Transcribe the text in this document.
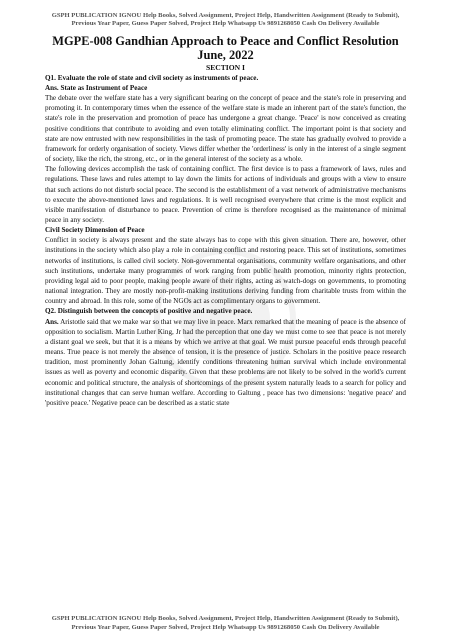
GSPH PUBLICATION IGNOU Help Books, Solved Assignment, Project Help, Handwritten Assignment (Ready to Submit), Previous Year Paper, Guess Paper Solved, Project Help Whatsapp Us 9891268050 Cash On Delivery Available
MGPE-008 Gandhian Approach to Peace and Conflict Resolution
June, 2022
SECTION I

Q1. Evaluate the role of state and civil society as instruments of peace.

Ans. State as Instrument of Peace

The debate over the welfare state has a very significant bearing on the concept of peace and the state's role in preserving and promoting it. In contemporary times when the essence of the welfare state is made an inherent part of the state's function, the state's role in the preservation and promotion of peace has undergone a great change. 'Peace' is now conceived as creating positive conditions that contribute to avoiding and even totally eliminating conflict. The important point is that society and state are now entrusted with new responsibilities in the task of promoting peace. The state has gradually evolved to provide a framework for orderly organisation of society. Views differ whether the 'orderliness' is only in the interest of a single segment of society, like the rich, the strong, etc., or in the general interest of the society as a whole.

The following devices accomplish the task of containing conflict. The first device is to pass a framework of laws, rules and regulations. These laws and rules attempt to lay down the limits for actions of individuals and groups with a view to ensure that such actions do not disturb social peace. The second is the establishment of a vast network of administrative mechanisms to execute the above-mentioned laws and regulations. It is well recognised everywhere that crime is the most explicit and visible manifestation of disturbance to peace. Prevention of crime is therefore recognised as the maintenance of minimal peace in any society.

Civil Society Dimension of Peace

Conflict in society is always present and the state always has to cope with this given situation. There are, however, other institutions in the society which also play a role in containing conflict and restoring peace. This set of institutions, sometimes networks of institutions, is called civil society. Non-governmental organisations, community welfare organisations, and other such institutions, undertake many programmes of work ranging from public health promotion, minority rights protection, providing legal aid to poor people, making people aware of their rights, acting as watch-dogs on governments, to promoting national integration. They are mostly non-profit-making institutions deriving funding from charitable trusts from within the country and abroad. In this role, some of the NGOs act as complimentary organs to government.

Q2. Distinguish between the concepts of positive and negative peace.

Ans. Aristotle said that we make war so that we may live in peace. Marx remarked that the meaning of peace is the absence of opposition to socialism. Martin Luther King, Jr had the perception that one day we must come to see that peace is not merely a distant goal we seek, but that it is a means by which we arrive at that goal. We must pursue peaceful ends through peaceful means. True peace is not merely the absence of tension, it is the presence of justice. Scholars in the positive peace research tradition, most prominently Johan Galtung, identify conditions threatening human survival which include environmental issues as well as poverty and economic disparity. Given that these problems are not likely to be solved in the world's current economic and political structure, the analysis of shortcomings of the present system naturally leads to a search for policy and institutional changes that can serve human welfare. According to Galtung , peace has two dimensions: 'negative peace' and 'positive peace.' Negative peace can be described as a static state

GSPH PUBLICATION IGNOU Help Books, Solved Assignment, Project Help, Handwritten Assignment (Ready to Submit), Previous Year Paper, Guess Paper Solved, Project Help Whatsapp Us 9891268050 Cash On Delivery Available
